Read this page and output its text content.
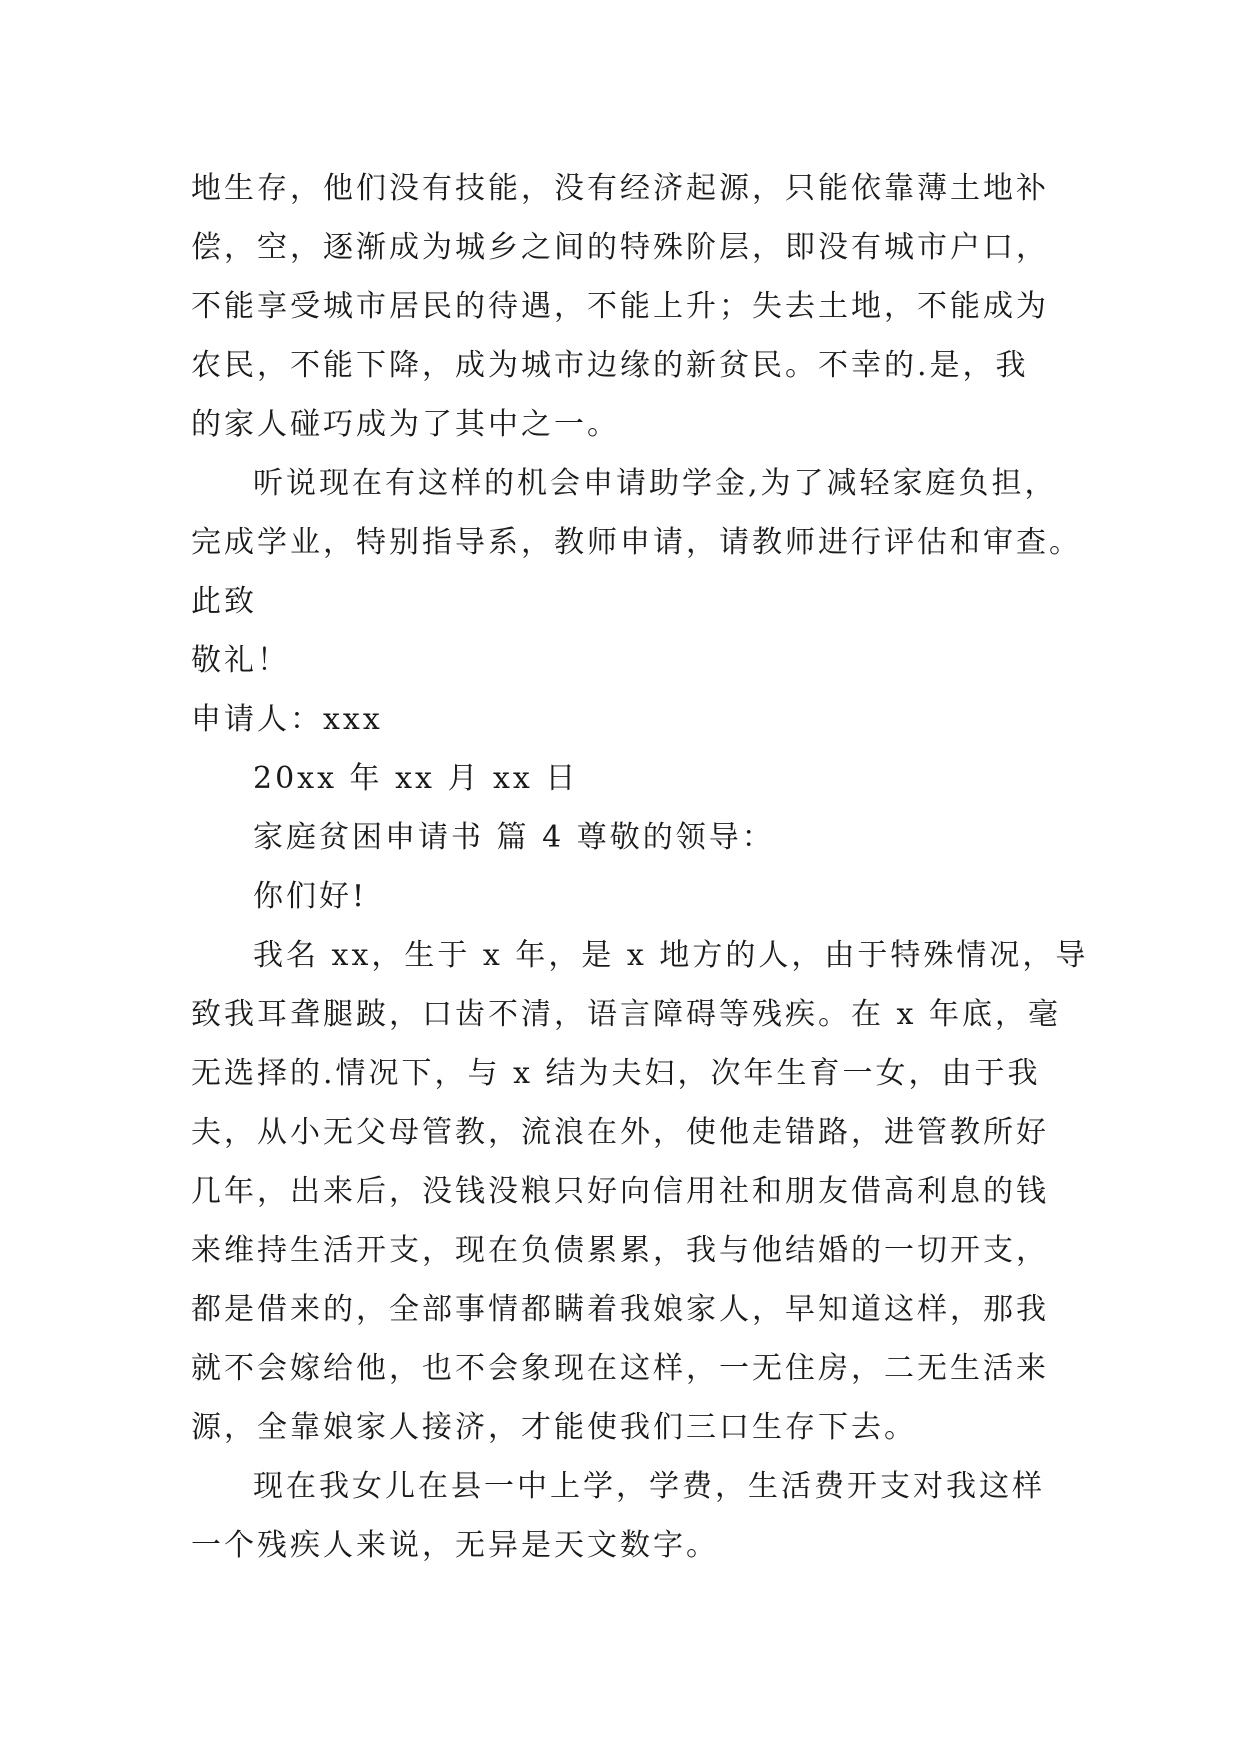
地生存，他们没有技能，没有经济起源，只能依靠薄土地补
偿，空，逐渐成为城乡之间的特殊阶层，即没有城市户口，
不能享受城市居民的待遇，不能上升；失去土地，不能成为
农民，不能下降，成为城市边缘的新贫民。不幸的.是，我
的家人碰巧成为了其中之一。
听说现在有这样的机会申请助学金,为了减轻家庭负担，
完成学业，特别指导系，教师申请，请教师进行评估和审查。
此致
敬礼！
申请人：xxx
20xx 年 xx 月 xx 日
家庭贫困申请书 篇 4 尊敬的领导：
你们好!
我名 xx，生于 x 年，是 x 地方的人，由于特殊情况，导
致我耳聋腿跛，口齿不清，语言障碍等残疾。在 x 年底，毫
无选择的.情况下，与 x 结为夫妇，次年生育一女，由于我
夫，从小无父母管教，流浪在外，使他走错路，进管教所好
几年，出来后，没钱没粮只好向信用社和朋友借高利息的钱
来维持生活开支，现在负债累累，我与他结婚的一切开支，
都是借来的，全部事情都瞒着我娘家人，早知道这样，那我
就不会嫁给他，也不会象现在这样，一无住房，二无生活来
源，全靠娘家人接济，才能使我们三口生存下去。
现在我女儿在县一中上学，学费，生活费开支对我这样
一个残疾人来说，无异是天文数字。
